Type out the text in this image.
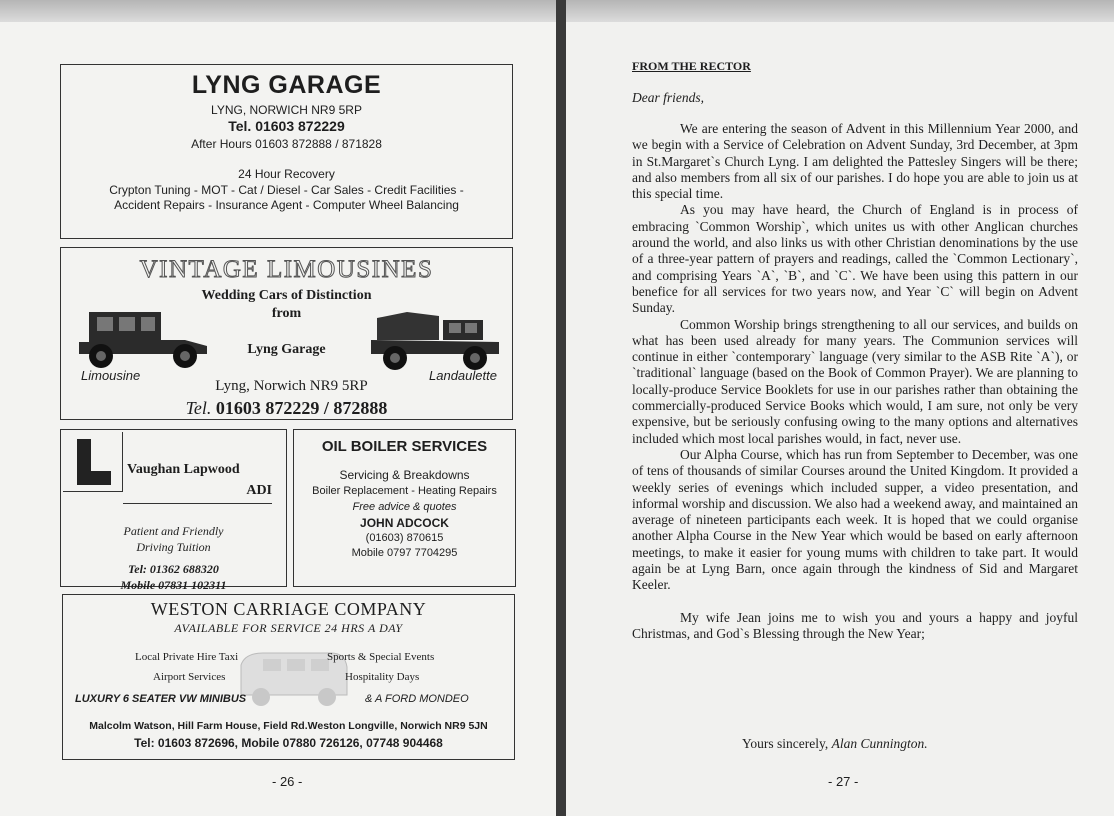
LYNG GARAGE
LYNG, NORWICH NR9 5RP
Tel. 01603 872229
After Hours 01603 872888 / 871828
24 Hour Recovery
Crypton Tuning - MOT - Cat / Diesel - Car Sales - Credit Facilities -
Accident Repairs - Insurance Agent - Computer Wheel Balancing
VINTAGE LIMOUSINES
Wedding Cars of Distinction
from
Lyng Garage
Limousine	Landaulette
Lyng, Norwich NR9 5RP
Tel. 01603 872229 / 872888
Vaughan Lapwood
ADI
Patient and Friendly
Driving Tuition
Tel: 01362 688320
Mobile 07831 102311
OIL BOILER SERVICES
Servicing & Breakdowns
Boiler Replacement - Heating Repairs
Free advice & quotes
JOHN ADCOCK
(01603) 870615
Mobile 0797 7704295
WESTON CARRIAGE COMPANY
AVAILABLE FOR SERVICE 24 HRS A DAY
Local Private Hire Taxi	Sports & Special Events
Airport Services	Hospitality Days
LUXURY 6 SEATER VW MINIBUS	& A FORD MONDEO
Malcolm Watson, Hill Farm House, Field Rd.Weston Longville, Norwich NR9 5JN
Tel: 01603 872696, Mobile 07880 726126, 07748 904468
- 26 -
FROM THE RECTOR
Dear friends,

We are entering the season of Advent in this Millennium Year 2000, and we begin with a Service of Celebration on Advent Sunday, 3rd December, at 3pm in St.Margaret`s Church Lyng. I am delighted the Pattesley Singers will be there; and also members from all six of our parishes. I do hope you are able to join us at this special time.

As you may have heard, the Church of England is in process of embracing `Common Worship`, which unites us with other Anglican churches around the world, and also links us with other Christian denominations by the use of a three-year pattern of prayers and readings, called the `Common Lectionary`, and comprising Years `A`, `B`, and `C`. We have been using this pattern in our benefice for all services for two years now, and Year `C` will begin on Advent Sunday.

Common Worship brings strengthening to all our services, and builds on what has been used already for many years. The Communion services will continue in either `contemporary` language (very similar to the ASB Rite `A`), or `traditional` language (based on the Book of Common Prayer). We are planning to locally-produce Service Booklets for use in our parishes rather than obtaining the commercially-produced Service Books which would, I am sure, not only be very expensive, but be seriously confusing owing to the many options and alternatives included which most local parishes would, in fact, never use.

Our Alpha Course, which has run from September to December, was one of tens of thousands of similar Courses around the United Kingdom. It provided a weekly series of evenings which included supper, a video presentation, and informal worship and discussion. We also had a weekend away, and maintained an average of nineteen participants each week. It is hoped that we could organise another Alpha Course in the New Year which would be based on early afternoon meetings, to make it easier for young mums with children to take part. It would again be at Lyng Barn, once again through the kindness of Sid and Margaret Keeler.

My wife Jean joins me to wish you and yours a happy and joyful Christmas, and God`s Blessing through the New Year;

Yours sincerely, Alan Cunnington.
- 27 -
